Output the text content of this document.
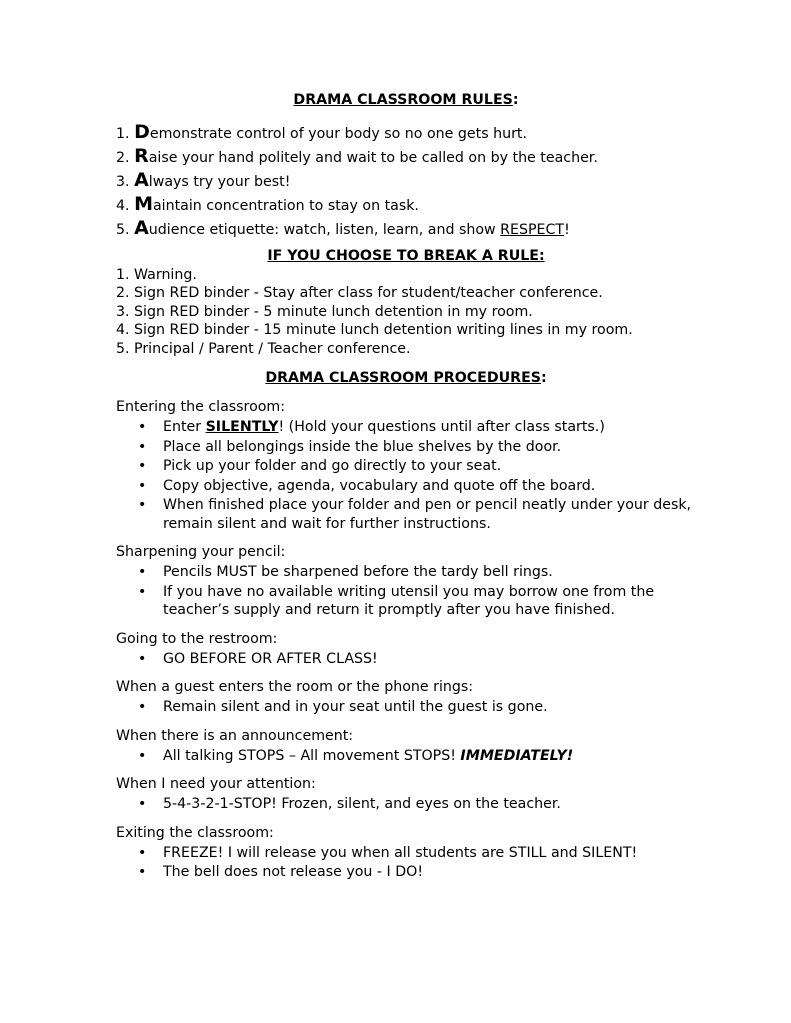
DRAMA CLASSROOM RULES:
1. Demonstrate control of your body so no one gets hurt.
2. Raise your hand politely and wait to be called on by the teacher.
3. Always try your best!
4. Maintain concentration to stay on task.
5. Audience etiquette: watch, listen, learn, and show RESPECT!
IF YOU CHOOSE TO BREAK A RULE:
1. Warning.
2. Sign RED binder - Stay after class for student/teacher conference.
3. Sign RED binder - 5 minute lunch detention in my room.
4. Sign RED binder - 15 minute lunch detention writing lines in my room.
5. Principal / Parent / Teacher conference.
DRAMA CLASSROOM PROCEDURES:
Entering the classroom:
• Enter SILENTLY! (Hold your questions until after class starts.)
• Place all belongings inside the blue shelves by the door.
• Pick up your folder and go directly to your seat.
• Copy objective, agenda, vocabulary and quote off the board.
• When finished place your folder and pen or pencil neatly under your desk, remain silent and wait for further instructions.
Sharpening your pencil:
• Pencils MUST be sharpened before the tardy bell rings.
• If you have no available writing utensil you may borrow one from the teacher’s supply and return it promptly after you have finished.
Going to the restroom:
• GO BEFORE OR AFTER CLASS!
When a guest enters the room or the phone rings:
• Remain silent and in your seat until the guest is gone.
When there is an announcement:
• All talking STOPS – All movement STOPS! IMMEDIATELY!
When I need your attention:
• 5-4-3-2-1-STOP! Frozen, silent, and eyes on the teacher.
Exiting the classroom:
• FREEZE! I will release you when all students are STILL and SILENT!
• The bell does not release you - I DO!
